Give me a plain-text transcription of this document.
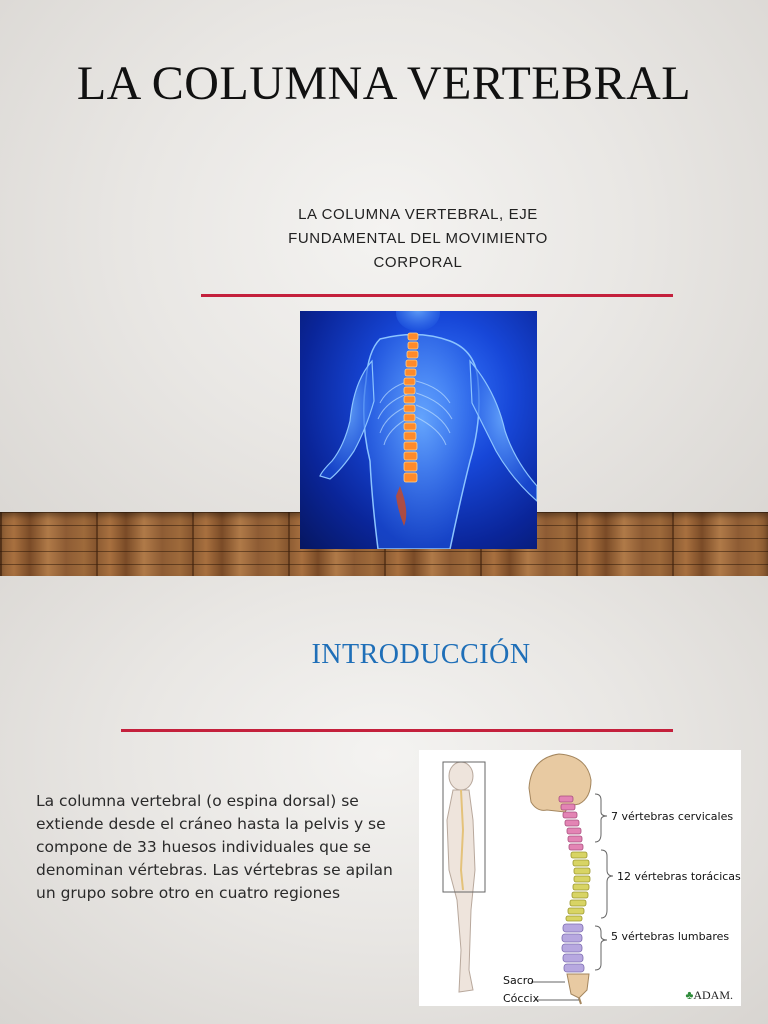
LA COLUMNA VERTEBRAL
LA COLUMNA VERTEBRAL, EJE FUNDAMENTAL DEL MOVIMIENTO CORPORAL
INTRODUCCIÓN
La columna vertebral (o espina dorsal) se extiende desde el cráneo hasta la pelvis y se compone de 33 huesos individuales que se denominan vértebras. Las vértebras se apilan un grupo sobre otro en cuatro regiones
7 vértebras cervicales
12 vértebras torácicas
5 vértebras lumbares
Sacro
Cóccix	♣ADAM.
